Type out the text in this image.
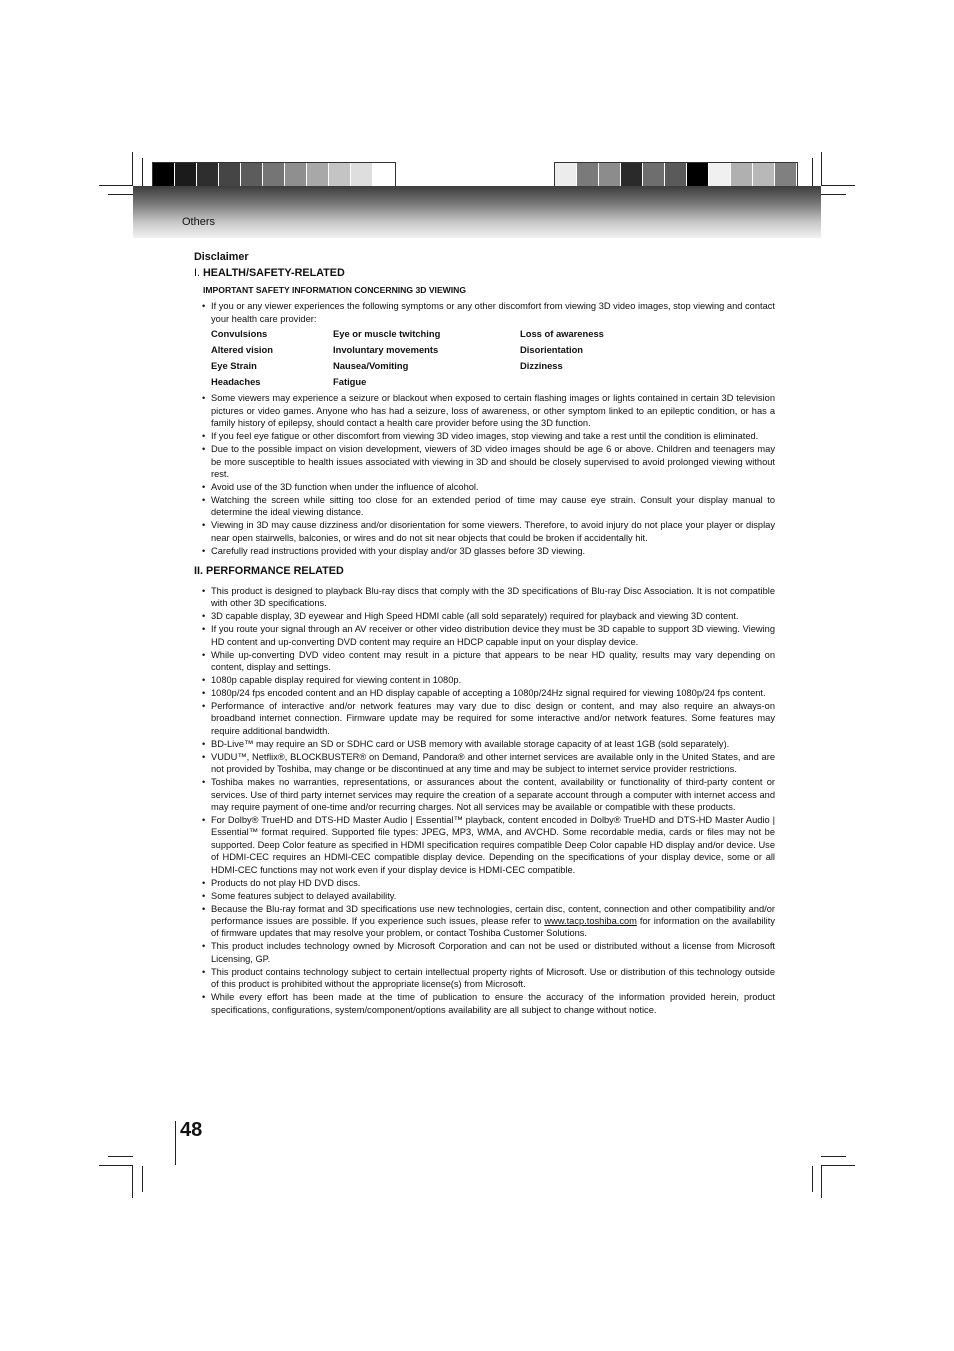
Others
Disclaimer
I. HEALTH/SAFETY-RELATED
IMPORTANT SAFETY INFORMATION CONCERNING 3D VIEWING
• If you or any viewer experiences the following symptoms or any other discomfort from viewing 3D video images, stop viewing and contact your health care provider:
Convulsions	Eye or muscle twitching	Loss of awareness
Altered vision	Involuntary movements	Disorientation
Eye Strain	Nausea/Vomiting	Dizziness
Headaches	Fatigue
• Some viewers may experience a seizure or blackout when exposed to certain flashing images or lights contained in certain 3D television pictures or video games. Anyone who has had a seizure, loss of awareness, or other symptom linked to an epileptic condition, or has a family history of epilepsy, should contact a health care provider before using the 3D function.
• If you feel eye fatigue or other discomfort from viewing 3D video images, stop viewing and take a rest until the condition is eliminated.
• Due to the possible impact on vision development, viewers of 3D video images should be age 6 or above. Children and teenagers may be more susceptible to health issues associated with viewing in 3D and should be closely supervised to avoid prolonged viewing without rest.
• Avoid use of the 3D function when under the influence of alcohol.
• Watching the screen while sitting too close for an extended period of time may cause eye strain. Consult your display manual to determine the ideal viewing distance.
• Viewing in 3D may cause dizziness and/or disorientation for some viewers. Therefore, to avoid injury do not place your player or display near open stairwells, balconies, or wires and do not sit near objects that could be broken if accidentally hit.
• Carefully read instructions provided with your display and/or 3D glasses before 3D viewing.
II. PERFORMANCE RELATED
• This product is designed to playback Blu-ray discs that comply with the 3D specifications of Blu-ray Disc Association. It is not compatible with other 3D specifications.
• 3D capable display, 3D eyewear and High Speed HDMI cable (all sold separately) required for playback and viewing 3D content.
• If you route your signal through an AV receiver or other video distribution device they must be 3D capable to support 3D viewing. Viewing HD content and up-converting DVD content may require an HDCP capable input on your display device.
• While up-converting DVD video content may result in a picture that appears to be near HD quality, results may vary depending on content, display and settings.
• 1080p capable display required for viewing content in 1080p.
• 1080p/24 fps encoded content and an HD display capable of accepting a 1080p/24Hz signal required for viewing 1080p/24 fps content.
• Performance of interactive and/or network features may vary due to disc design or content, and may also require an always-on broadband internet connection. Firmware update may be required for some interactive and/or network features. Some features may require additional bandwidth.
• BD-Live™ may require an SD or SDHC card or USB memory with available storage capacity of at least 1GB (sold separately).
• VUDU™, Netflix®, BLOCKBUSTER® on Demand, Pandora® and other internet services are available only in the United States, and are not provided by Toshiba, may change or be discontinued at any time and may be subject to internet service provider restrictions.
• Toshiba makes no warranties, representations, or assurances about the content, availability or functionality of third-party content or services. Use of third party internet services may require the creation of a separate account through a computer with internet access and may require payment of one-time and/or recurring charges. Not all services may be available or compatible with these products.
• For Dolby® TrueHD and DTS-HD Master Audio | Essential™ playback, content encoded in Dolby® TrueHD and DTS-HD Master Audio | Essential™ format required. Supported file types: JPEG, MP3, WMA, and AVCHD. Some recordable media, cards or files may not be supported. Deep Color feature as specified in HDMI specification requires compatible Deep Color capable HD display and/or device. Use of HDMI-CEC requires an HDMI-CEC compatible display device. Depending on the specifications of your display device, some or all HDMI-CEC functions may not work even if your display device is HDMI-CEC compatible.
• Products do not play HD DVD discs.
• Some features subject to delayed availability.
• Because the Blu-ray format and 3D specifications use new technologies, certain disc, content, connection and other compatibility and/or performance issues are possible. If you experience such issues, please refer to www.tacp.toshiba.com for information on the availability of firmware updates that may resolve your problem, or contact Toshiba Customer Solutions.
• This product includes technology owned by Microsoft Corporation and can not be used or distributed without a license from Microsoft Licensing, GP.
• This product contains technology subject to certain intellectual property rights of Microsoft. Use or distribution of this technology outside of this product is prohibited without the appropriate license(s) from Microsoft.
• While every effort has been made at the time of publication to ensure the accuracy of the information provided herein, product specifications, configurations, system/component/options availability are all subject to change without notice.
48
